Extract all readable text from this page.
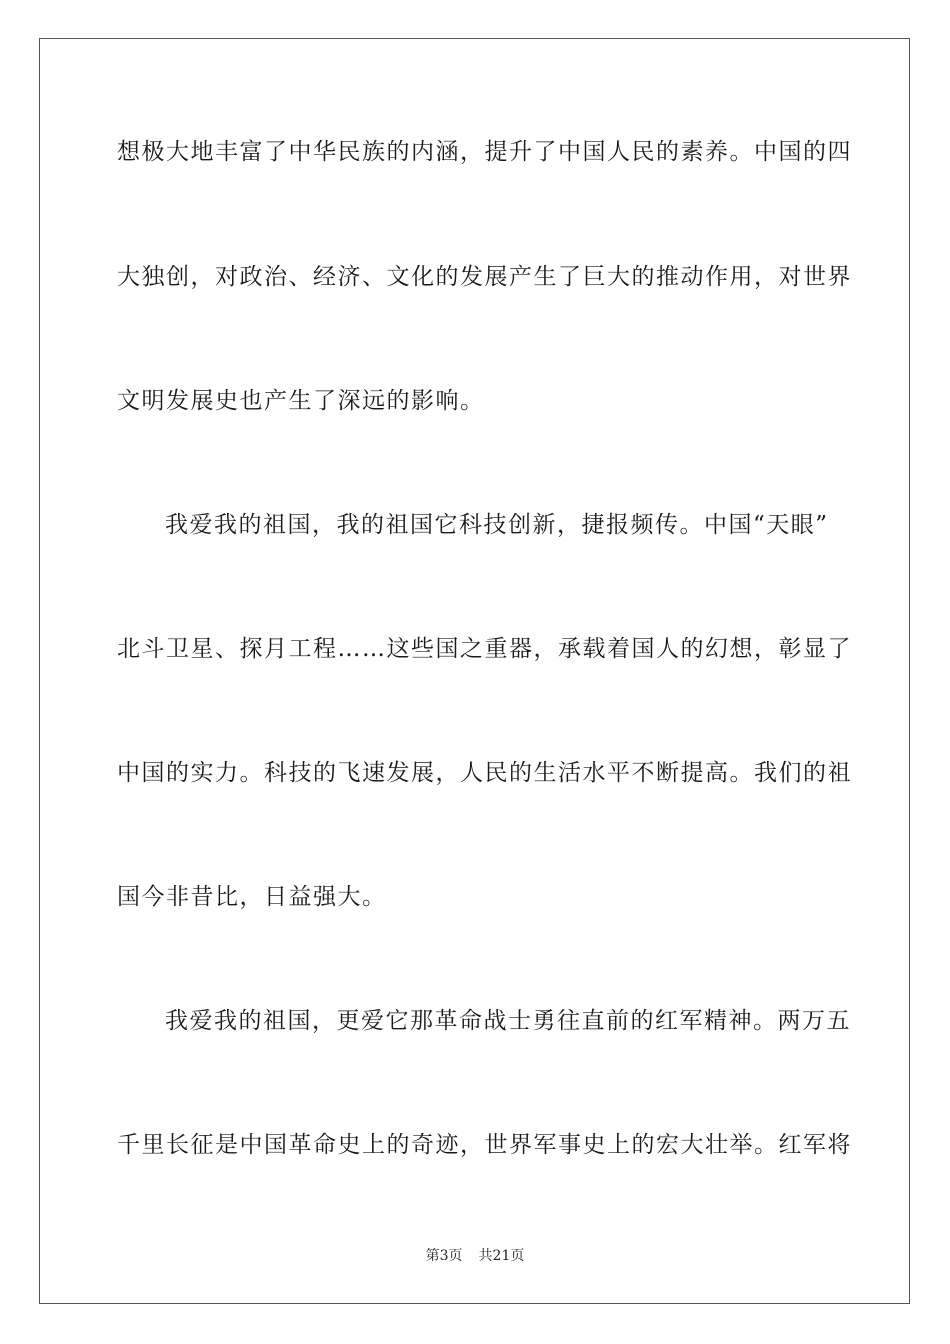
想极大地丰富了中华民族的内涵，提升了中国人民的素养。中国的四
大独创，对政治、经济、文化的发展产生了巨大的推动作用，对世界
文明发展史也产生了深远的影响。
我爱我的祖国，我的祖国它科技创新，捷报频传。中国“天眼”
北斗卫星、探月工程……这些国之重器，承载着国人的幻想，彰显了
中国的实力。科技的飞速发展，人民的生活水平不断提高。我们的祖
国今非昔比，日益强大。
我爱我的祖国，更爱它那革命战士勇往直前的红军精神。两万五
千里长征是中国革命史上的奇迹，世界军事史上的宏大壮举。红军将
第3页 共21页
